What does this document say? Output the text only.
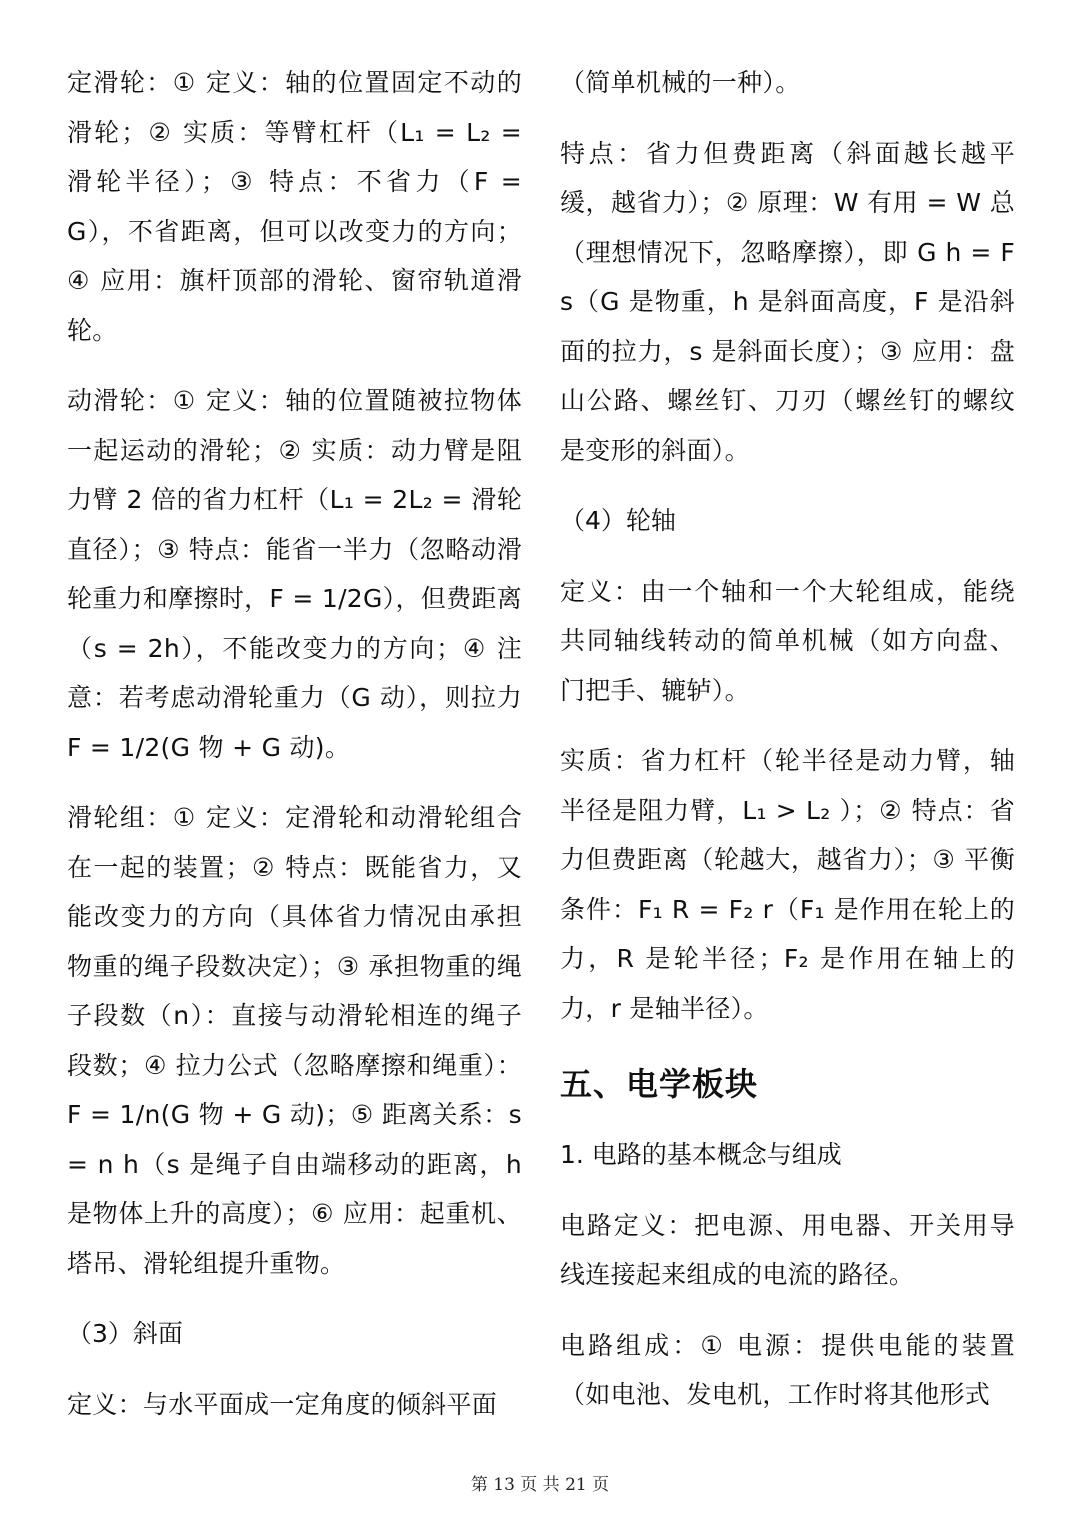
定滑轮：① 定义：轴的位置固定不动的滑轮；② 实质：等臂杠杆（L₁ = L₂ = 滑轮半径）；③ 特点：不省力（F = G），不省距离，但可以改变力的方向；④ 应用：旗杆顶部的滑轮、窗帘轨道滑轮。

动滑轮：① 定义：轴的位置随被拉物体一起运动的滑轮；② 实质：动力臂是阻力臂 2 倍的省力杠杆（L₁ = 2L₂ = 滑轮直径）；③ 特点：能省一半力（忽略动滑轮重力和摩擦时，F = 1/2G），但费距离（s = 2h），不能改变力的方向；④ 注意：若考虑动滑轮重力（G 动），则拉力 F = 1/2(G 物 + G 动)。

滑轮组：① 定义：定滑轮和动滑轮组合在一起的装置；② 特点：既能省力，又能改变力的方向（具体省力情况由承担物重的绳子段数决定）；③ 承担物重的绳子段数（n）：直接与动滑轮相连的绳子段数；④ 拉力公式（忽略摩擦和绳重）：F = 1/n(G 物 + G 动)；⑤ 距离关系：s = n h（s 是绳子自由端移动的距离，h 是物体上升的高度）；⑥ 应用：起重机、塔吊、滑轮组提升重物。

（3）斜面

定义：与水平面成一定角度的倾斜平面

（简单机械的一种）。

特点：省力但费距离（斜面越长越平缓，越省力）；② 原理：W 有用 = W 总（理想情况下，忽略摩擦），即 G h = F s（G 是物重，h 是斜面高度，F 是沿斜面的拉力，s 是斜面长度）；③ 应用：盘山公路、螺丝钉、刀刃（螺丝钉的螺纹是变形的斜面）。

（4）轮轴

定义：由一个轴和一个大轮组成，能绕共同轴线转动的简单机械（如方向盘、门把手、辘轳）。

实质：省力杠杆（轮半径是动力臂，轴半径是阻力臂，L₁ > L₂ ）；② 特点：省力但费距离（轮越大，越省力）；③ 平衡条件：F₁ R = F₂ r（F₁ 是作用在轮上的力，R 是轮半径；F₂ 是作用在轴上的力，r 是轴半径）。

五、电学板块

1. 电路的基本概念与组成

电路定义：把电源、用电器、开关用导线连接起来组成的电流的路径。

电路组成：① 电源：提供电能的装置（如电池、发电机，工作时将其他形式

第 13 页 共 21 页
